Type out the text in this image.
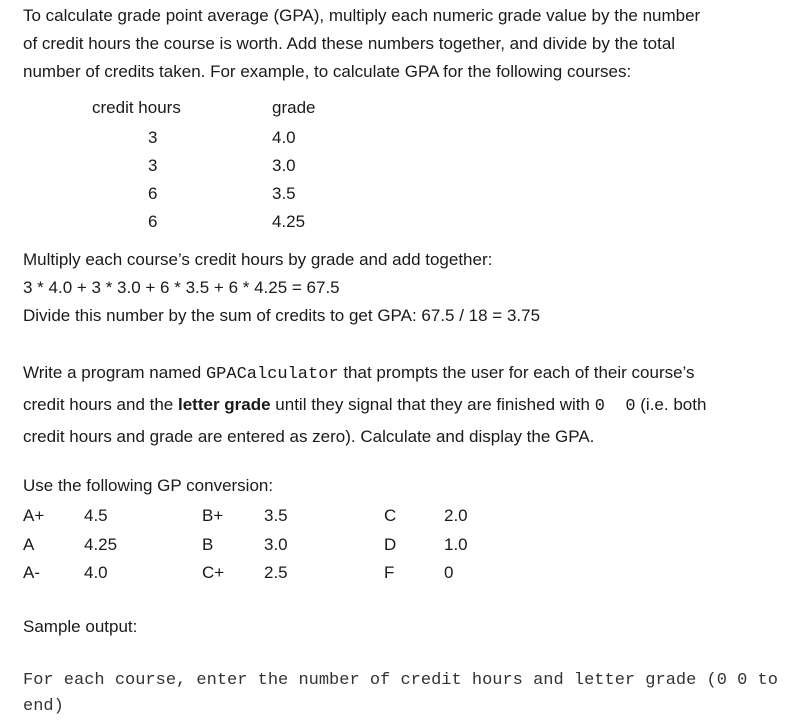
To calculate grade point average (GPA), multiply each numeric grade value by the number
of credit hours the course is worth. Add these numbers together, and divide by the total
number of credits taken. For example, to calculate GPA for the following courses:
credit hours	grade
3	4.0
3	3.0
6	3.5
6	4.25
Multiply each course’s credit hours by grade and add together:
3 * 4.0 + 3 * 3.0 + 6 * 3.5 + 6 * 4.25 = 67.5
Divide this number by the sum of credits to get GPA: 67.5 / 18 = 3.75
Write a program named GPACalculator that prompts the user for each of their course’s
credit hours and the letter grade until they signal that they are finished with 0  0 (i.e. both
credit hours and grade are entered as zero). Calculate and display the GPA.
Use the following GP conversion:
A+ 4.5	B+ 3.5	C	2.0
A	4.25	B	3.0	D	1.0
A-	4.0	C+ 2.5	F	0
Sample output:
For each course, enter the number of credit hours and letter grade (0 0 to end)
